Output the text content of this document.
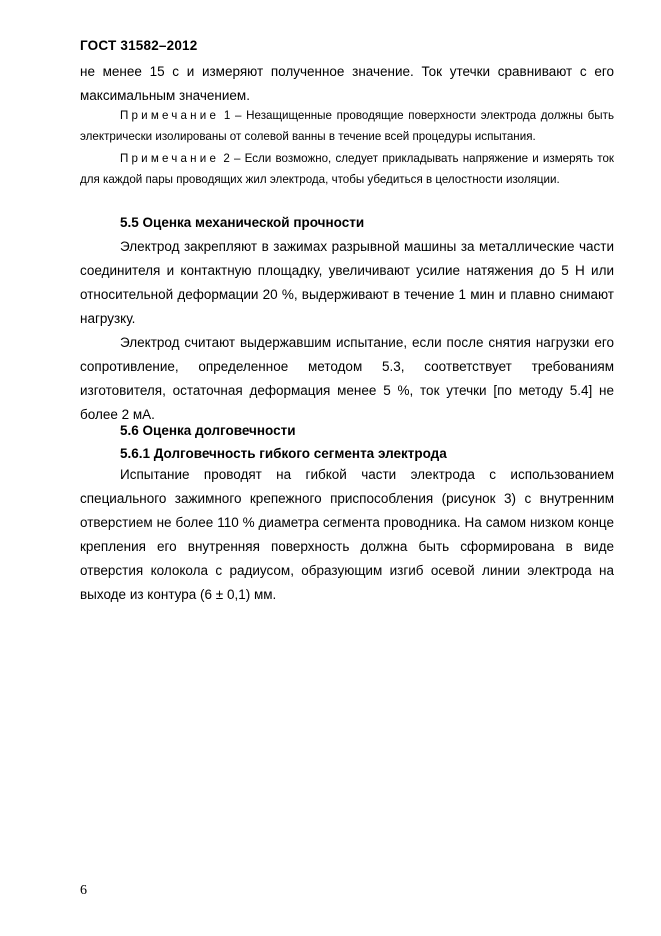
ГОСТ 31582–2012

не менее 15 с и измеряют полученное значение. Ток утечки сравнивают с его максимальным значением.

Примечание 1 – Незащищенные проводящие поверхности электрода должны быть электрически изолированы от солевой ванны в течение всей процедуры испытания.

Примечание 2 – Если возможно, следует прикладывать напряжение и измерять ток для каждой пары проводящих жил электрода, чтобы убедиться в целостности изоляции.

5.5 Оценка механической прочности

Электрод закрепляют в зажимах разрывной машины за металлические части соединителя и контактную площадку, увеличивают усилие натяжения до 5 Н или относительной деформации 20 %, выдерживают в течение 1 мин и плавно снимают нагрузку.

Электрод считают выдержавшим испытание, если после снятия нагрузки его сопротивление, определенное методом 5.3, соответствует требованиям изготовителя, остаточная деформация менее 5 %, ток утечки [по методу 5.4] не более 2 мА.

5.6 Оценка долговечности
5.6.1 Долговечность гибкого сегмента электрода

Испытание проводят на гибкой части электрода с использованием специального зажимного крепежного приспособления (рисунок 3) с внутренним отверстием не более 110 % диаметра сегмента проводника. На самом низком конце крепления его внутренняя поверхность должна быть сформирована в виде отверстия колокола с радиусом, образующим изгиб осевой линии электрода на выходе из контура (6 ± 0,1) мм.

6
